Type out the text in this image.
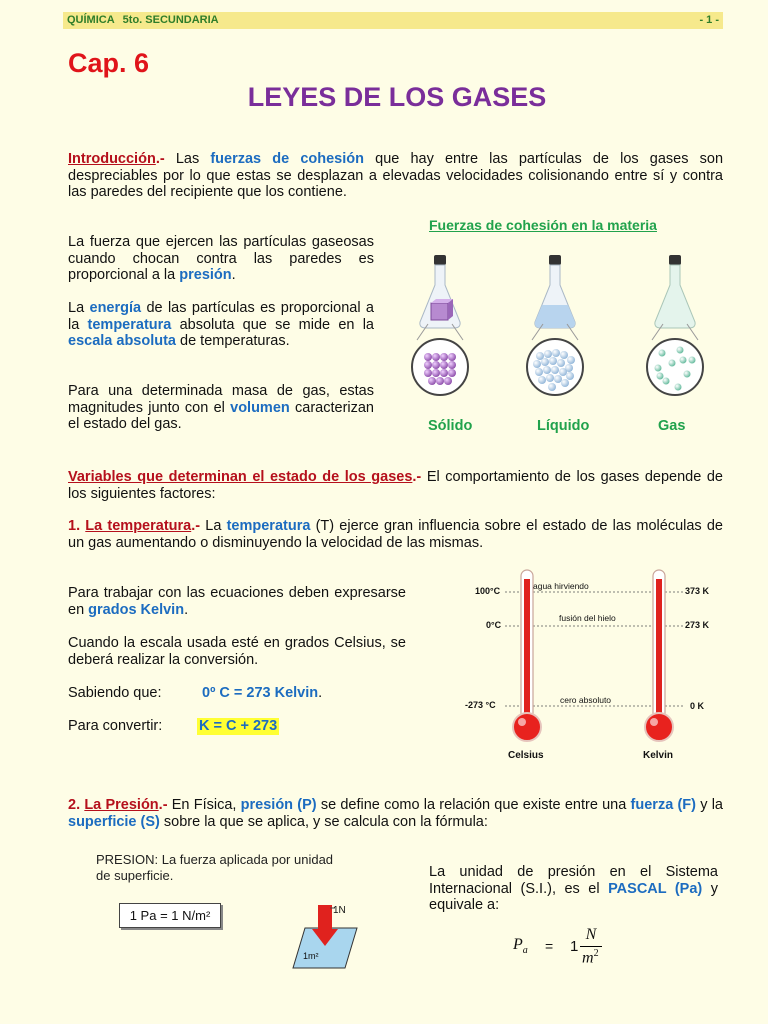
QUÍMICA 5to. SECUNDARIA	- 1 -
Cap. 6
LEYES DE LOS GASES
Introducción.- Las fuerzas de cohesión que hay entre las partículas de los gases son despreciables por lo que estas se desplazan a elevadas velocidades colisionando entre sí y contra las paredes del recipiente que los contiene.
La fuerza que ejercen las partículas gaseosas cuando chocan contra las paredes es proporcional a la presión.
La energía de las partículas es proporcional a la temperatura absoluta que se mide en la escala absoluta de temperaturas.
Para una determinada masa de gas, estas magnitudes junto con el volumen caracterizan el estado del gas.
Fuerzas de cohesión en la materia
Sólido	Líquido	Gas
Variables que determinan el estado de los gases.- El comportamiento de los gases depende de los siguientes factores:
1. La temperatura.- La temperatura (T) ejerce gran influencia sobre el estado de las moléculas de un gas aumentando o disminuyendo la velocidad de las mismas.
Para trabajar con las ecuaciones deben expresarse en grados Kelvin.
Cuando la escala usada esté en grados Celsius, se deberá realizar la conversión.
Sabiendo que:	0º C = 273 Kelvin.
Para convertir:	K = C + 273
100°C
0°C
-273 °C
agua hirviendo
fusión del hielo
cero absoluto
373 K
273 K
0 K
Celsius	Kelvin
2. La Presión.- En Física, presión (P) se define como la relación que existe entre una fuerza (F) y la superficie (S) sobre la que se aplica, y se calcula con la fórmula:
PRESION: La fuerza aplicada por unidad de superficie.
1 Pa = 1 N/m²	1N
1m²
La unidad de presión en el Sistema Internacional (S.I.), es el PASCAL (Pa) y equivale a:
$P_a = 1$
N
$m^2$
